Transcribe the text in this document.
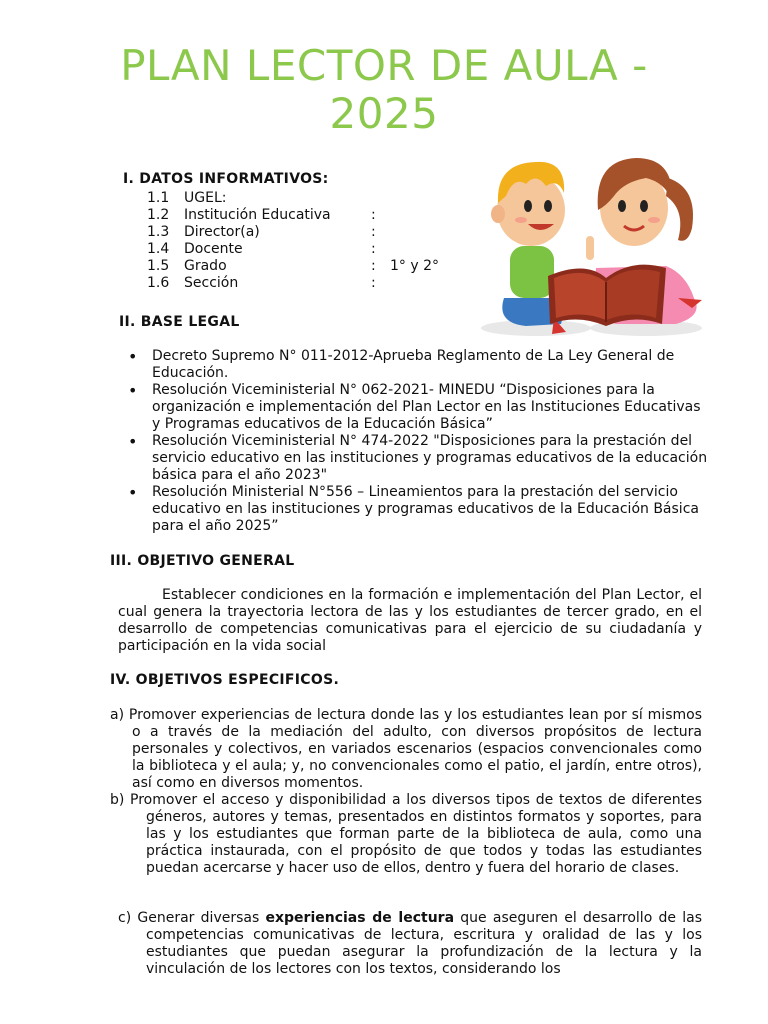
PLAN LECTOR DE AULA -
2025
I. DATOS INFORMATIVOS:
1.1 UGEL:
1.2 Institución Educativa	:
1.3 Director(a)	:
1.4 Docente	:
1.5 Grado	: 1° y 2°
1.6 Sección	:
II. BASE LEGAL
• Decreto Supremo N° 011-2012-Aprueba Reglamento de La Ley General de Educación.
• Resolución Viceministerial N° 062-2021- MINEDU “Disposiciones para la organización e implementación del Plan Lector en las Instituciones Educativas y Programas educativos de la Educación Básica”
• Resolución Viceministerial N° 474-2022 "Disposiciones para la prestación del servicio educativo en las instituciones y programas educativos de la educación básica para el año 2023"
• Resolución Ministerial N°556 – Lineamientos para la prestación del servicio educativo en las instituciones y programas educativos de la Educación Básica para el año 2025”
III. OBJETIVO GENERAL
Establecer condiciones en la formación e implementación del Plan Lector, el cual genera la trayectoria lectora de las y los estudiantes de tercer grado, en el desarrollo de competencias comunicativas para el ejercicio de su ciudadanía y participación en la vida social
IV. OBJETIVOS ESPECIFICOS.
a) Promover experiencias de lectura donde las y los estudiantes lean por sí mismos o a través de la mediación del adulto, con diversos propósitos de lectura personales y colectivos, en variados escenarios (espacios convencionales como la biblioteca y el aula; y, no convencionales como el patio, el jardín, entre otros), así como en diversos momentos.
b) Promover el acceso y disponibilidad a los diversos tipos de textos de diferentes géneros, autores y temas, presentados en distintos formatos y soportes, para las y los estudiantes que forman parte de la biblioteca de aula, como una práctica instaurada, con el propósito de que todos y todas las estudiantes puedan acercarse y hacer uso de ellos, dentro y fuera del horario de clases.
c) Generar diversas experiencias de lectura que aseguren el desarrollo de las competencias comunicativas de lectura, escritura y oralidad de las y los estudiantes que puedan asegurar la profundización de la lectura y la vinculación de los lectores con los textos, considerando los
